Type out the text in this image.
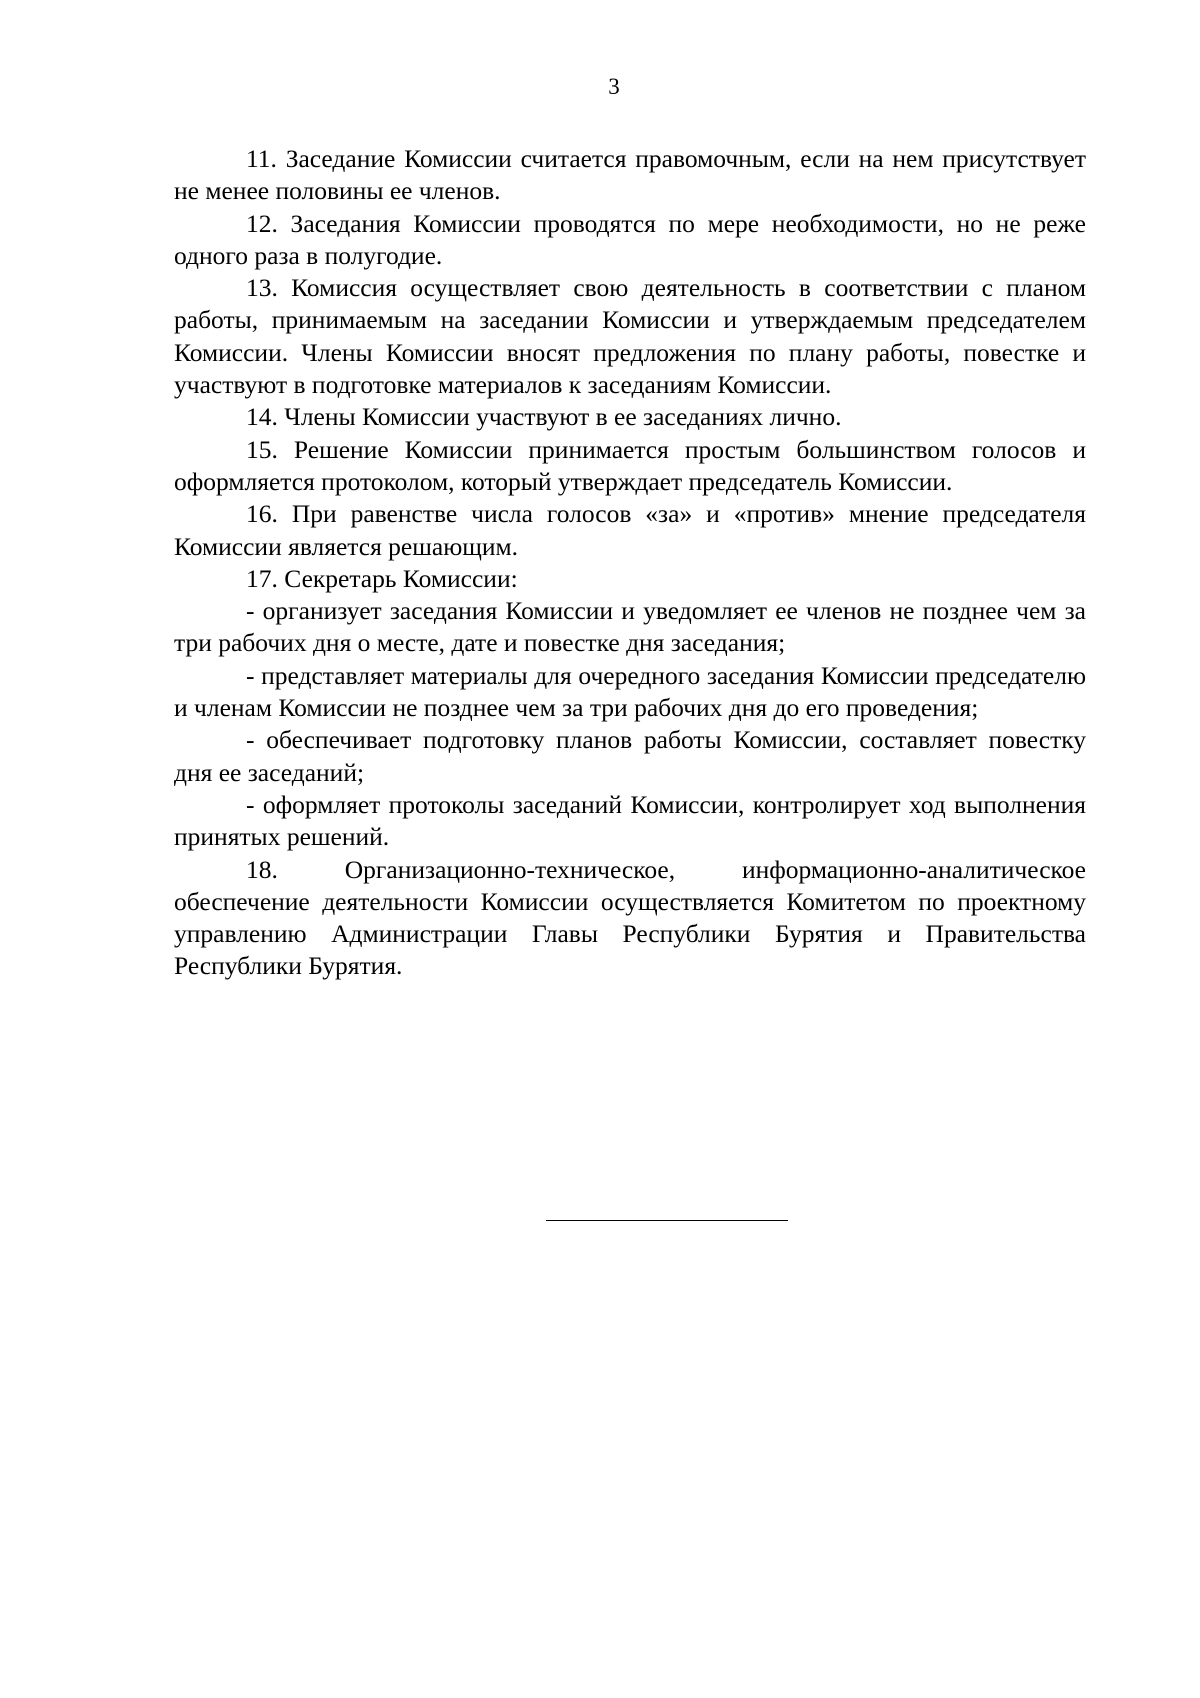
3

11. Заседание Комиссии считается правомочным, если на нем присутствует не менее половины ее членов.

12. Заседания Комиссии проводятся по мере необходимости, но не реже одного раза в полугодие.

13. Комиссия осуществляет свою деятельность в соответствии с планом работы, принимаемым на заседании Комиссии и утверждаемым председателем Комиссии. Члены Комиссии вносят предложения по плану работы, повестке и участвуют в подготовке материалов к заседаниям Комиссии.

14. Члены Комиссии участвуют в ее заседаниях лично.

15. Решение Комиссии принимается простым большинством голосов и оформляется протоколом, который утверждает председатель Комиссии.

16. При равенстве числа голосов «за» и «против» мнение председателя Комиссии является решающим.

17. Секретарь Комиссии:

- организует заседания Комиссии и уведомляет ее членов не позднее чем за три рабочих дня о месте, дате и повестке дня заседания;

- представляет материалы для очередного заседания Комиссии председателю и членам Комиссии не позднее чем за три рабочих дня до его проведения;

- обеспечивает подготовку планов работы Комиссии, составляет повестку дня ее заседаний;

- оформляет протоколы заседаний Комиссии, контролирует ход выполнения принятых решений.

18. Организационно-техническое, информационно-аналитическое обеспечение деятельности Комиссии осуществляется Комитетом по проектному управлению Администрации Главы Республики Бурятия и Правительства Республики Бурятия.
